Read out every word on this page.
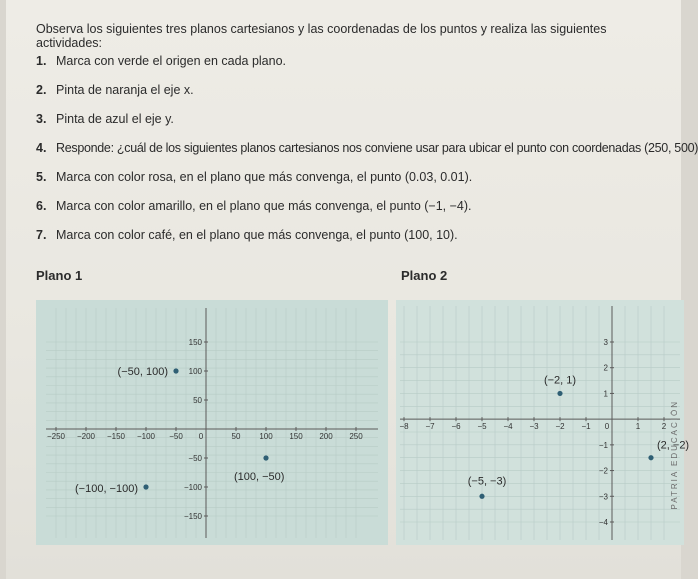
Observa los siguientes tres planos cartesianos y las coordenadas de los puntos y realiza las siguientes actividades:
1. Marca con verde el origen en cada plano.
2. Pinta de naranja el eje x.
3. Pinta de azul el eje y.
4. Responde: ¿cuál de los siguientes planos cartesianos nos conviene usar para ubicar el punto con coordenadas (250, 500)
5. Marca con color rosa, en el plano que más convenga, el punto (0.03, 0.01).
6. Marca con color amarillo, en el plano que más convenga, el punto (−1, −4).
7. Marca con color café, en el plano que más convenga, el punto (100, 10).
Plano 1	Plano 2
−250 −200 −150 −100 −50 0	50 100 150 200 250
150
100
50
−50
−100
−150
(−50, 100)
(100, −50)
(−100, −100)
−8 −7 −6 −5 −4 −3 −2 −1 0	1	2
3
2
1
−1
−2
−3
−4
(−2, 1)
(−5, −3)
(2, −2)
PATRIA EDUCACIÓN
